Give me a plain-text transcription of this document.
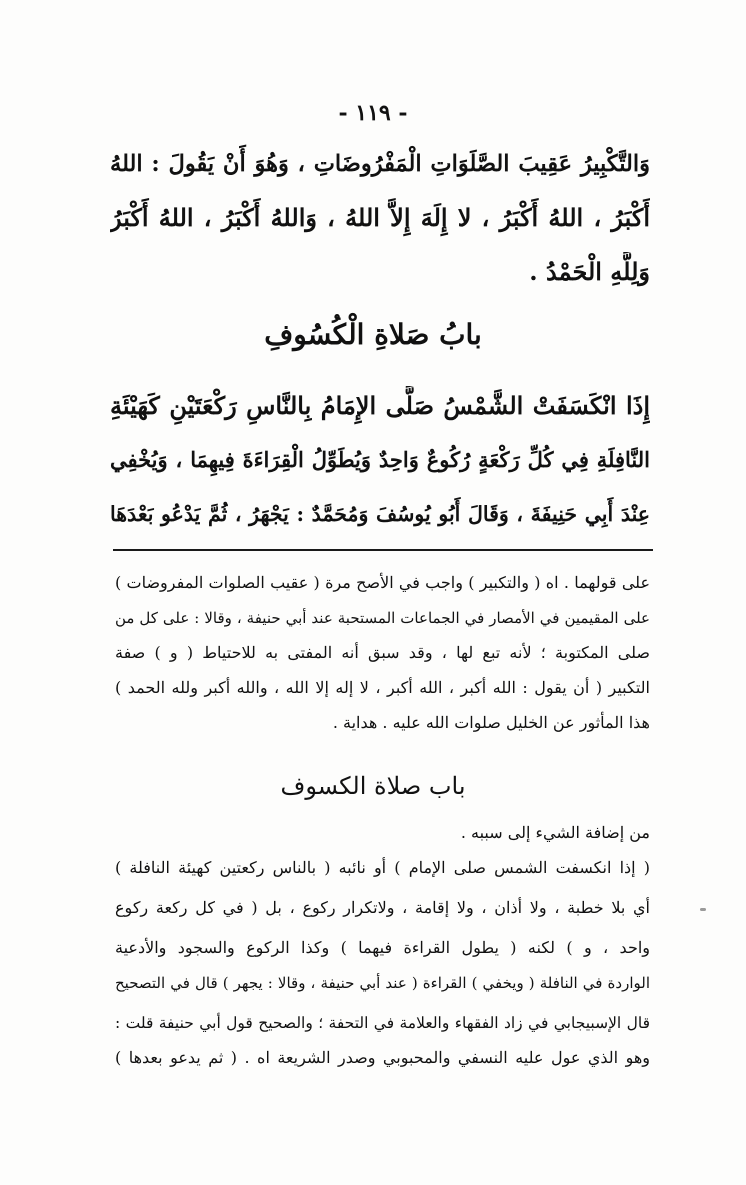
- ١١٩ -
وَالتَّكْبِيرُ عَقِيبَ الصَّلَوَاتِ الْمَفْرُوضَاتِ ، وَهُوَ أَنْ يَقُولَ : اللهُ
أَكْبَرُ ، اللهُ أَكْبَرُ ، لا إِلَهَ إِلاَّ اللهُ ، وَاللهُ أَكْبَرُ ، اللهُ أَكْبَرُ
وَلِلَّهِ الْحَمْدُ .
بابُ صَلاةِ الْكُسُوفِ
إِذَا انْكَسَفَتْ الشَّمْسُ صَلَّى الإِمَامُ بِالنَّاسِ رَكْعَتَيْنِ كَهَيْئَةِ
النَّافِلَةِ فِي كُلِّ رَكْعَةٍ رُكُوعٌ وَاحِدٌ وَيُطَوِّلُ الْقِرَاءَةَ فِيهِمَا ، وَيُخْفِي
عِنْدَ أَبِي حَنِيفَةَ ، وَقَالَ أَبُو يُوسُفَ وَمُحَمَّدٌ : يَجْهَرُ ، ثُمَّ يَدْعُو بَعْدَهَا
على قولهما . اه ( والتكبير ) واجب في الأصح مرة ( عقيب الصلوات المفروضات )
على المقيمين في الأمصار في الجماعات المستحبة عند أبي حنيفة ، وقالا : على كل من
صلى المكتوبة ؛ لأنه تبع لها ، وقد سبق أنه المفتى به للاحتياط ( و ) صفة
التكبير ( أن يقول : الله أكبر ، الله أكبر ، لا إله إلا الله ، والله أكبر ولله الحمد )
هذا المأثور عن الخليل صلوات الله عليه . هداية .
باب صلاة الكسوف
من إضافة الشيء إلى سببه .
( إذا انكسفت الشمس صلى الإمام ) أو نائبه ( بالناس ركعتين كهيئة النافلة )
أي بلا خطبة ، ولا أذان ، ولا إقامة ، ولاتكرار ركوع ، بل ( في كل ركعة ركوع
واحد ، و ) لكنه ( يطول القراءة فيهما ) وكذا الركوع والسجود والأدعية
الواردة في النافلة ( ويخفي ) القراءة ( عند أبي حنيفة ، وقالا : يجهر ) قال في التصحيح
قال الإسبيجابي في زاد الفقهاء والعلامة في التحفة ؛ والصحيح قول أبي حنيفة قلت :
وهو الذي عول عليه النسفي والمحبوبي وصدر الشريعة اه . ( ثم يدعو بعدها )
